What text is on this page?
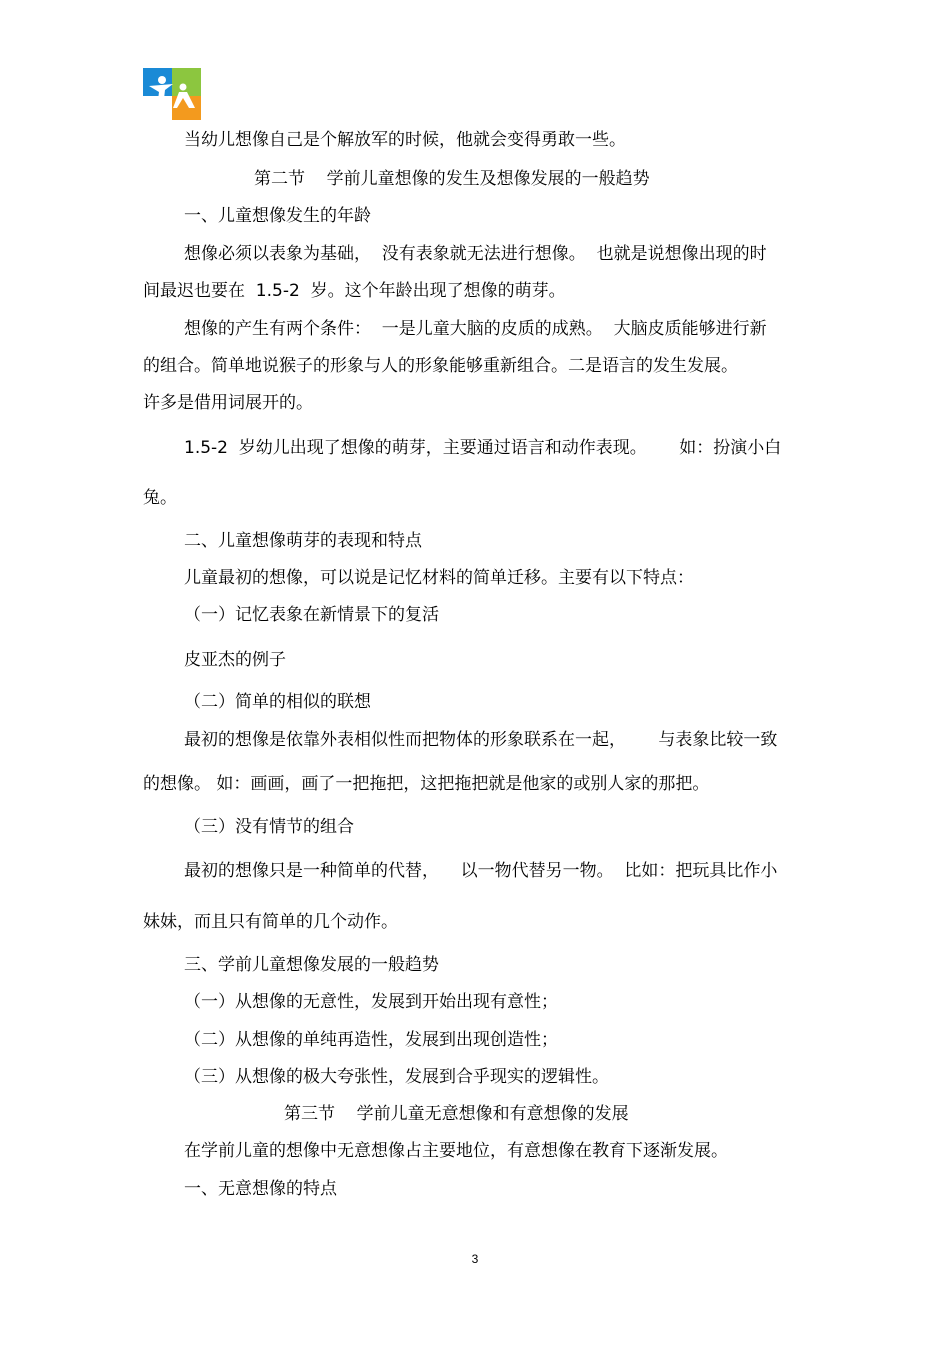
当幼儿想像自己是个解放军的时候，他就会变得勇敢一些。
第二节    学前儿童想像的发生及想像发展的一般趋势
一、儿童想像发生的年龄
想像必须以表象为基础，  没有表象就无法进行想像。  也就是说想像出现的时
间最迟也要在  1.5-2  岁。这个年龄出现了想像的萌芽。
想像的产生有两个条件：  一是儿童大脑的皮质的成熟。  大脑皮质能够进行新
的组合。简单地说猴子的形象与人的形象能够重新组合。二是语言的发生发展。
许多是借用词展开的。
1.5-2  岁幼儿出现了想像的萌芽，主要通过语言和动作表现。      如：扮演小白
兔。
二、儿童想像萌芽的表现和特点
儿童最初的想像，可以说是记忆材料的简单迁移。主要有以下特点：
（一）记忆表象在新情景下的复活
皮亚杰的例子
（二）简单的相似的联想
最初的想像是依靠外表相似性而把物体的形象联系在一起，      与表象比较一致
的想像。 如：画画，画了一把拖把，这把拖把就是他家的或别人家的那把。
（三）没有情节的组合
最初的想像只是一种简单的代替，    以一物代替另一物。  比如：把玩具比作小
妹妹，而且只有简单的几个动作。
三、学前儿童想像发展的一般趋势
（一）从想像的无意性，发展到开始出现有意性；
（二）从想像的单纯再造性，发展到出现创造性；
（三）从想像的极大夸张性，发展到合乎现实的逻辑性。
第三节    学前儿童无意想像和有意想像的发展
在学前儿童的想像中无意想像占主要地位，有意想像在教育下逐渐发展。
一、无意想像的特点
3
